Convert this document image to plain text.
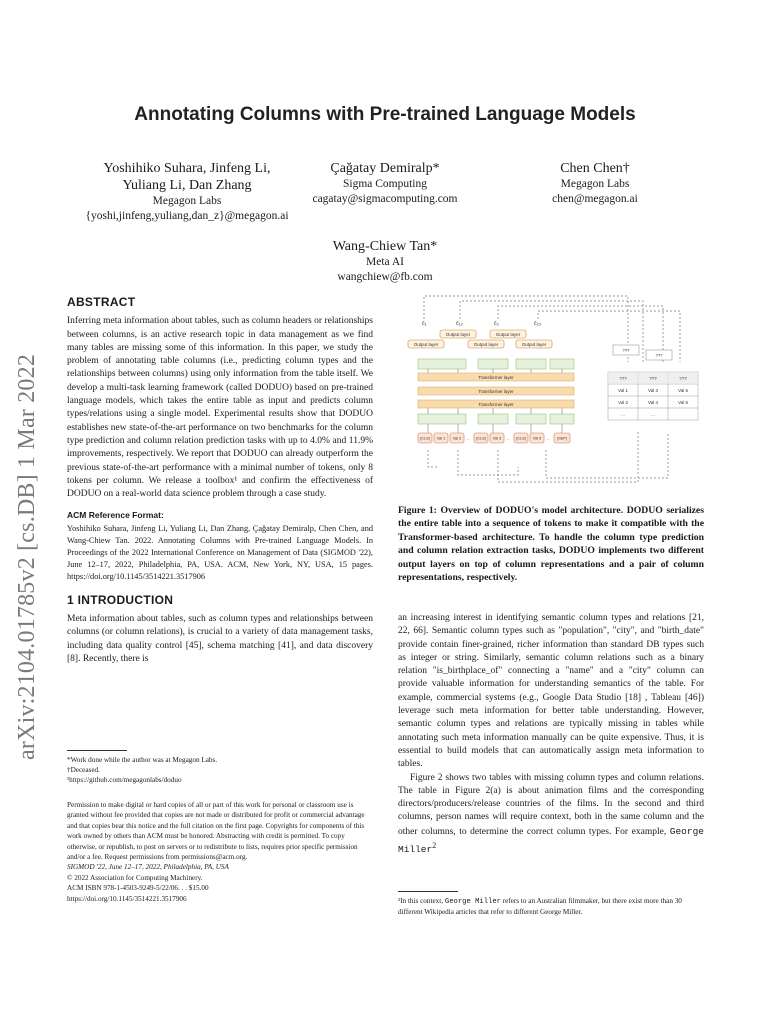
Annotating Columns with Pre-trained Language Models
Yoshihiko Suhara, Jinfeng Li,
Yuliang Li, Dan Zhang
Megagon Labs
{yoshi,jinfeng,yuliang,dan_z}@megagon.ai
Çağatay Demiralp*
Sigma Computing
cagatay@sigmacomputing.com
Chen Chen†
Megagon Labs
chen@megagon.ai
Wang-Chiew Tan*
Meta AI
wangchiew@fb.com
arXiv:2104.01785v2 [cs.DB] 1 Mar 2022
ABSTRACT

Inferring meta information about tables, such as column headers or relationships between columns, is an active research topic in data management as we find many tables are missing some of this information. In this paper, we study the problem of annotating table columns (i.e., predicting column types and the relationships between columns) using only information from the table itself. We develop a multi-task learning framework (called DODUO) based on pre-trained language models, which takes the entire table as input and predicts column types/relations using a single model. Experimental results show that DODUO establishes new state-of-the-art performance on two benchmarks for the column type prediction and column relation prediction tasks with up to 4.0% and 11.9% improvements, respectively. We report that DODUO can already outperform the previous state-of-the-art performance with a minimal number of tokens, only 8 tokens per column. We release a toolbox¹ and confirm the effectiveness of DODUO on a real-world data science problem through a case study.

ACM Reference Format:

Yoshihiko Suhara, Jinfeng Li, Yuliang Li, Dan Zhang, Çağatay Demiralp, Chen Chen, and Wang-Chiew Tan. 2022. Annotating Columns with Pre-trained Language Models. In Proceedings of the 2022 International Conference on Management of Data (SIGMOD '22), June 12–17, 2022, Philadelphia, PA, USA. ACM, New York, NY, USA, 15 pages. https://doi.org/10.1145/3514221.3517906

1 INTRODUCTION

Meta information about tables, such as column types and relationships between columns (or column relations), is crucial to a variety of data management tasks, including data quality control [45], schema matching [41], and data discovery [8]. Recently, there is

*Work done while the author was at Megagon Labs.
†Deceased.
¹https://github.com/megagonlabs/doduo
Permission to make digital or hard copies of all or part of this work for personal or classroom use is granted without fee provided that copies are not made or distributed for profit or commercial advantage and that copies bear this notice and the full citation on the first page. Copyrights for components of this work owned by others than ACM must be honored. Abstracting with credit is permitted. To copy otherwise, or republish, to post on servers or to redistribute to lists, requires prior specific permission and/or a fee. Request permissions from permissions@acm.org.
SIGMOD '22, June 12–17, 2022, Philadelphia, PA, USA
© 2022 Association for Computing Machinery.
ACM ISBN 978-1-4503-9249-5/22/06. . . $15.00
https://doi.org/10.1145/3514221.3517906
ĉ₁	ĉ₁₂	ĉ₂	ĉ₂₃
Output layer	Output layer
Output layer	Output layer	Output layer
Transformer layer
Transformer layer
Transformer layer
[CLS] Val 1 Val 2 ... [CLS] Val 3 ... [CLS] Val 5 ... [SEP]
???
???
???	???	???
Val 1	Val 3	Val 5
Val 2	Val 4	Val 6
...	...
Figure 1: Overview of DODUO's model architecture. DODUO serializes the entire table into a sequence of tokens to make it compatible with the Transformer-based architecture. To handle the column type prediction and column relation extraction tasks, DODUO implements two different output layers on top of column representations and a pair of column representations, respectively.

an increasing interest in identifying semantic column types and relations [21, 22, 66]. Semantic column types such as "population", "city", and "birth_date" provide contain finer-grained, richer information than standard DB types such as integer or string. Similarly, semantic column relations such as a binary relation "is_birthplace_of" connecting a "name" and a "city" column can provide valuable information for understanding semantics of the table. For example, commercial systems (e.g., Google Data Studio [18] , Tableau [46]) leverage such meta information for better table understanding. However, semantic column types and relations are typically missing in tables while annotating such meta information manually can be quite expensive. Thus, it is essential to build models that can automatically assign meta information to tables.

Figure 2 shows two tables with missing column types and column relations. The table in Figure 2(a) is about animation films and the corresponding directors/producers/release countries of the films. In the second and third columns, person names will require context, both in the same column and the other columns, to determine the correct column types. For example, George Miller$^2$

²In this context, George Miller refers to an Australian filmmaker, but there exist more than 30 different Wikipedia articles that refer to different George Miller.
